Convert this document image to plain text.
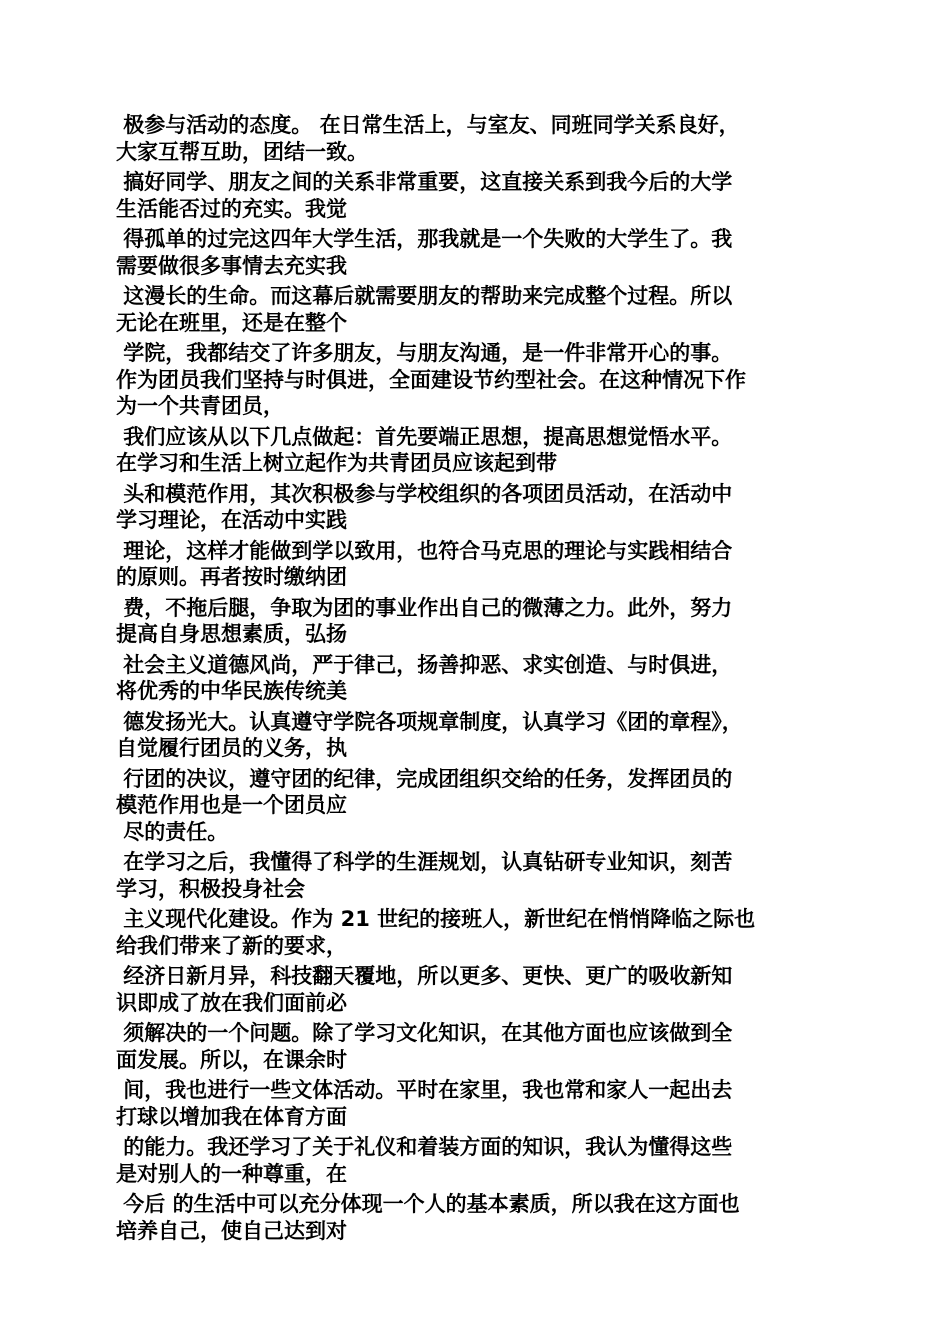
极参与活动的态度。 在日常生活上，与室友、同班同学关系良好，
大家互帮互助，团结一致。
搞好同学、朋友之间的关系非常重要，这直接关系到我今后的大学
生活能否过的充实。我觉
得孤单的过完这四年大学生活，那我就是一个失败的大学生了。我
需要做很多事情去充实我
这漫长的生命。而这幕后就需要朋友的帮助来完成整个过程。所以
无论在班里，还是在整个
学院，我都结交了许多朋友，与朋友沟通，是一件非常开心的事。
作为团员我们坚持与时俱进，全面建设节约型社会。在这种情况下作
为一个共青团员，
我们应该从以下几点做起：首先要端正思想，提高思想觉悟水平。
在学习和生活上树立起作为共青团员应该起到带
头和模范作用，其次积极参与学校组织的各项团员活动，在活动中
学习理论，在活动中实践
理论，这样才能做到学以致用，也符合马克思的理论与实践相结合
的原则。再者按时缴纳团
费，不拖后腿，争取为团的事业作出自己的微薄之力。此外，努力
提高自身思想素质，弘扬
社会主义道德风尚，严于律己，扬善抑恶、求实创造、与时俱进，
将优秀的中华民族传统美
德发扬光大。认真遵守学院各项规章制度，认真学习《团的章程》，
自觉履行团员的义务，执
行团的决议，遵守团的纪律，完成团组织交给的任务，发挥团员的
模范作用也是一个团员应
尽的责任。
在学习之后，我懂得了科学的生涯规划，认真钻研专业知识，刻苦
学习，积极投身社会
主义现代化建设。作为 21 世纪的接班人，新世纪在悄悄降临之际也
给我们带来了新的要求，
经济日新月异，科技翻天覆地，所以更多、更快、更广的吸收新知
识即成了放在我们面前必
须解决的一个问题。除了学习文化知识，在其他方面也应该做到全
面发展。所以，在课余时
间，我也进行一些文体活动。平时在家里，我也常和家人一起出去
打球以增加我在体育方面
的能力。我还学习了关于礼仪和着装方面的知识，我认为懂得这些
是对别人的一种尊重，在
今后 的生活中可以充分体现一个人的基本素质，所以我在这方面也
培养自己，使自己达到对
